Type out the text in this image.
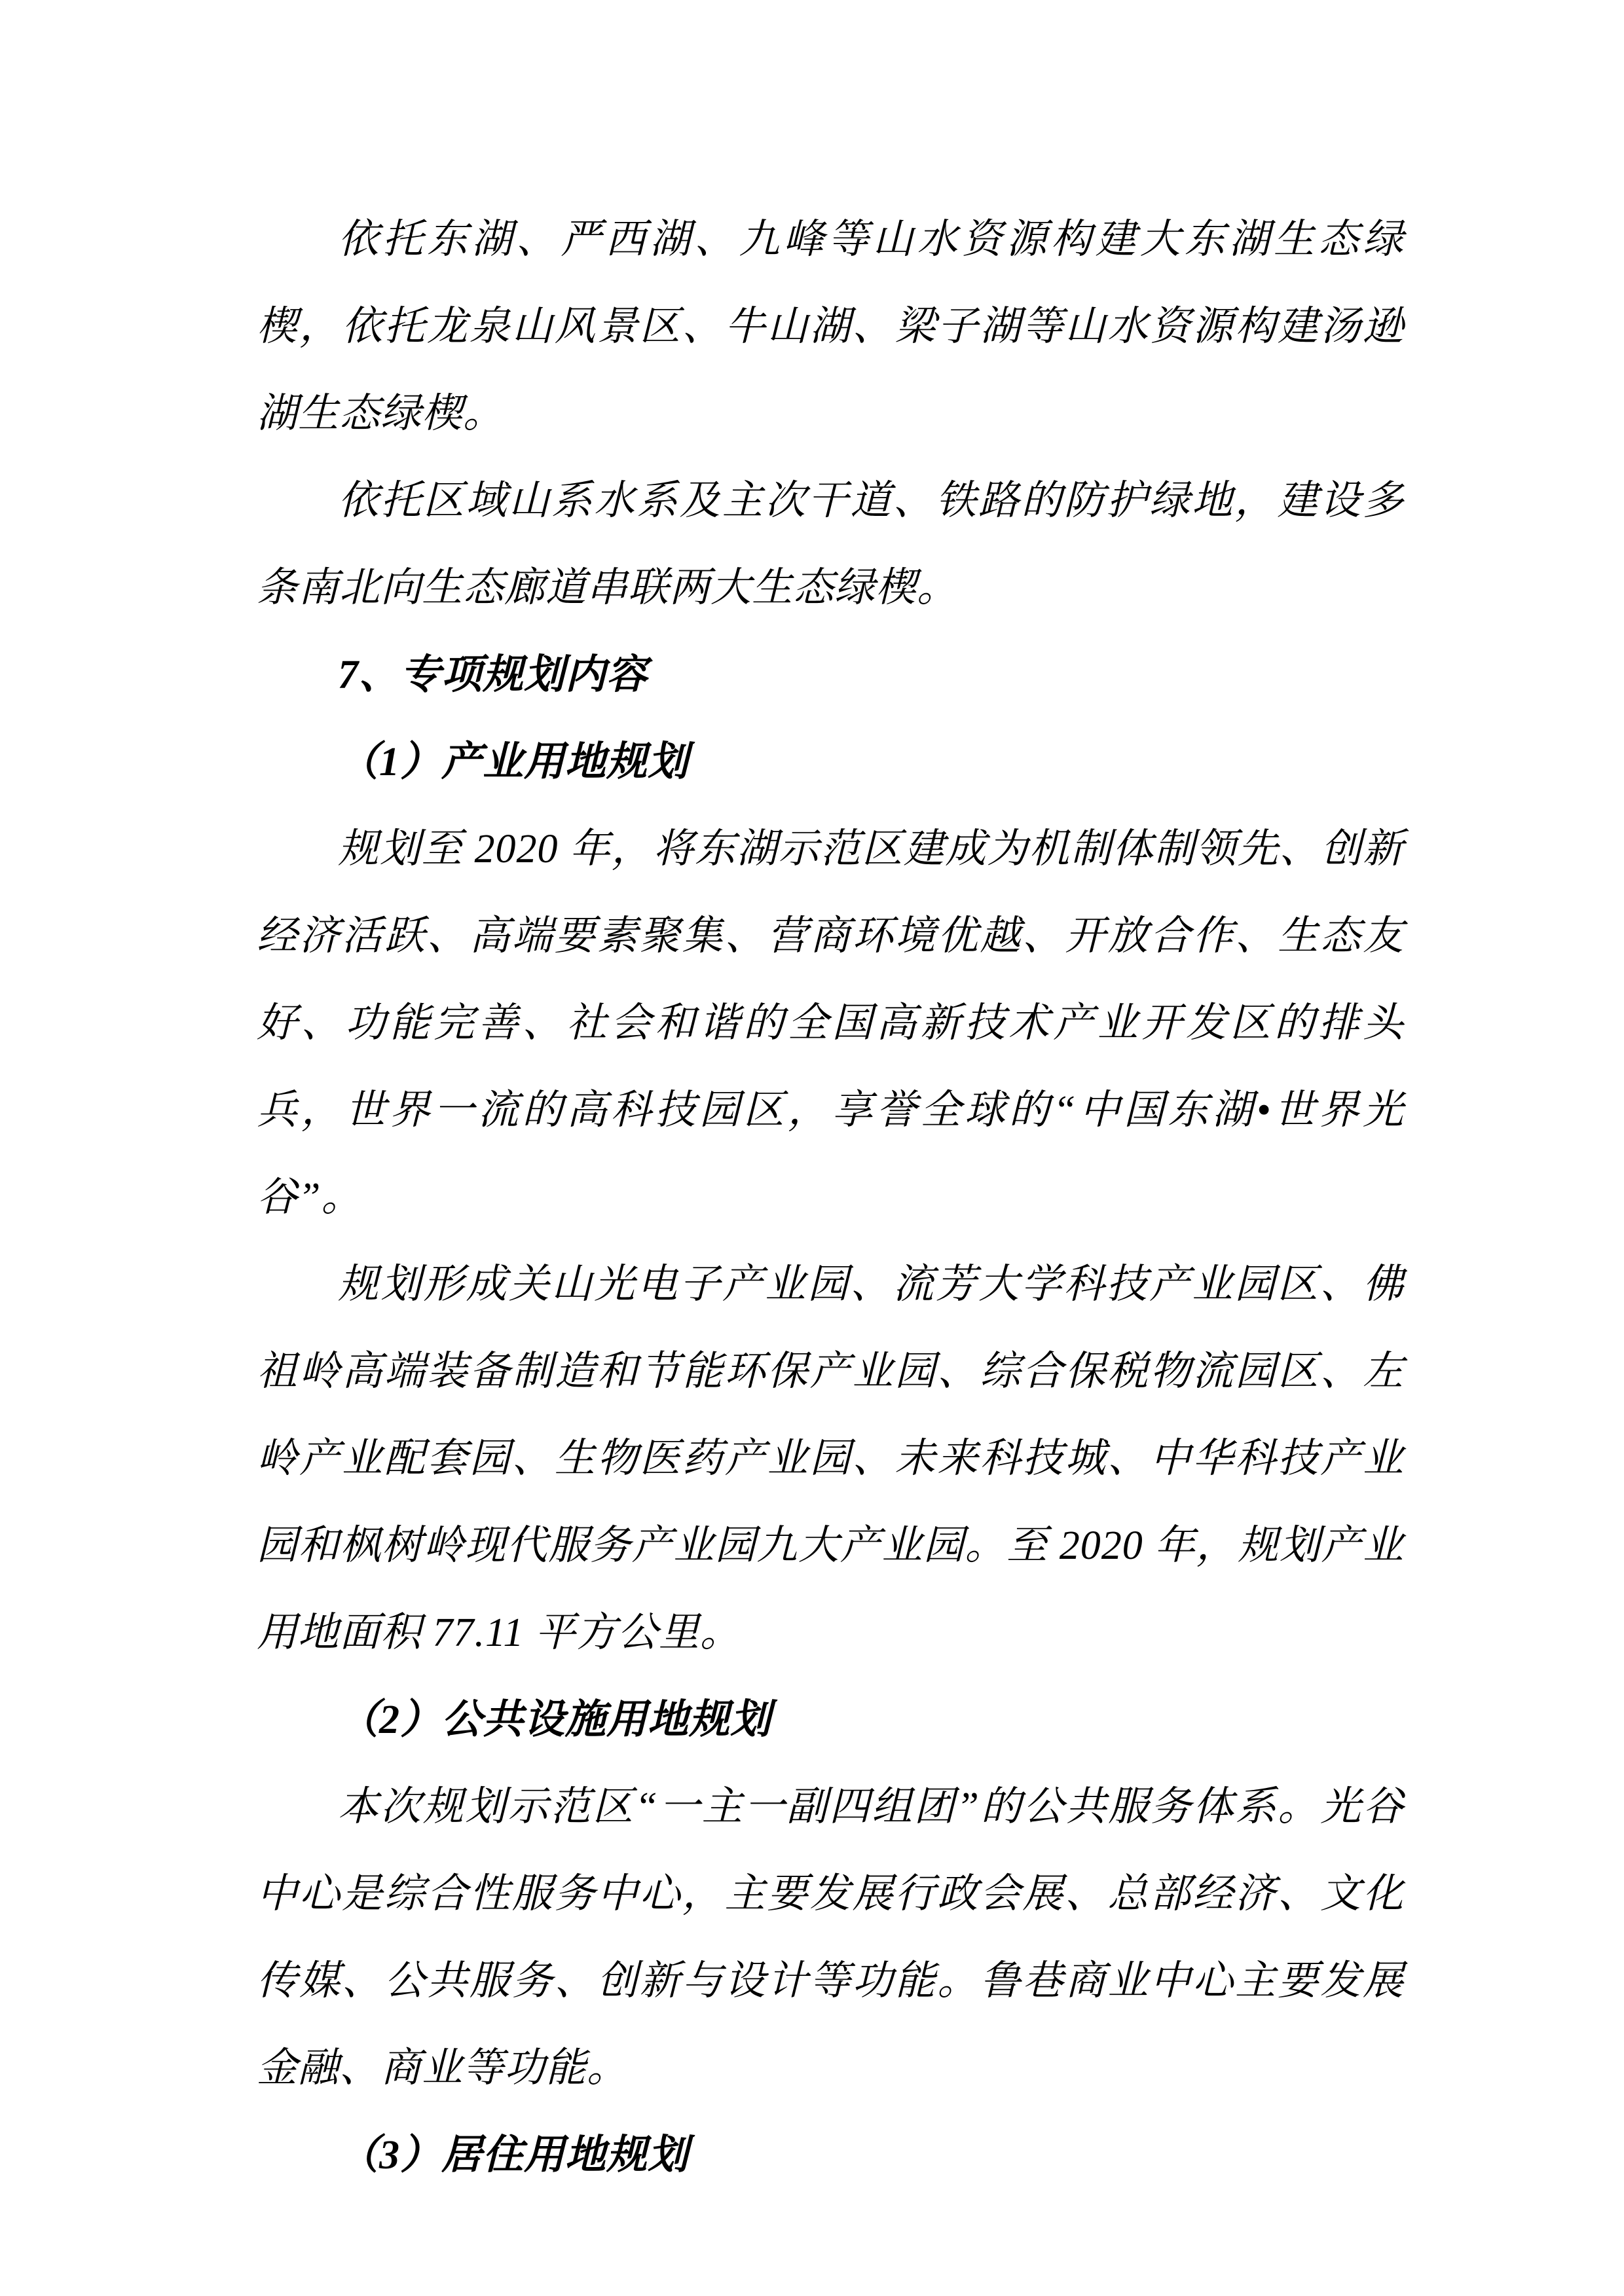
依托东湖、严西湖、九峰等山水资源构建大东湖生态绿楔，依托龙泉山风景区、牛山湖、梁子湖等山水资源构建汤逊湖生态绿楔。

依托区域山系水系及主次干道、铁路的防护绿地，建设多条南北向生态廊道串联两大生态绿楔。

7、专项规划内容

（1）产业用地规划

规划至 2020 年，将东湖示范区建成为机制体制领先、创新经济活跃、高端要素聚集、营商环境优越、开放合作、生态友好、功能完善、社会和谐的全国高新技术产业开发区的排头兵，世界一流的高科技园区，享誉全球的“中国东湖•世界光谷”。

规划形成关山光电子产业园、流芳大学科技产业园区、佛祖岭高端装备制造和节能环保产业园、综合保税物流园区、左岭产业配套园、生物医药产业园、未来科技城、中华科技产业园和枫树岭现代服务产业园九大产业园。至 2020 年，规划产业用地面积 77.11 平方公里。

（2）公共设施用地规划

本次规划示范区“一主一副四组团”的公共服务体系。光谷中心是综合性服务中心，主要发展行政会展、总部经济、文化传媒、公共服务、创新与设计等功能。鲁巷商业中心主要发展金融、商业等功能。

（3）居住用地规划
